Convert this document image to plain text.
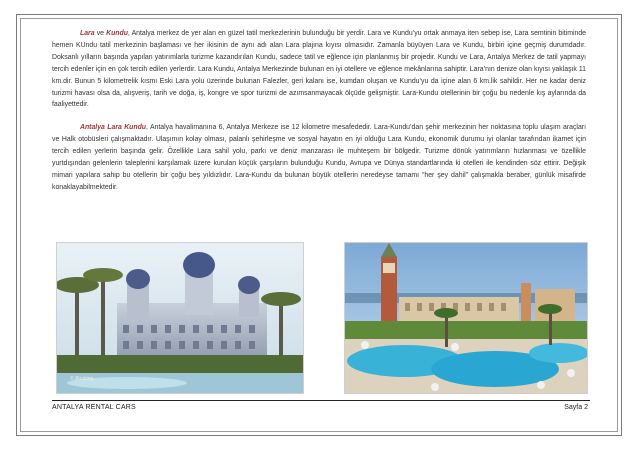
Lara ve Kundu, Antalya merkez de yer alan en güzel tatil merkezlerinin bulunduğu bir yerdir. Lara ve Kundu’yu ortak anmaya iten sebep ise, Lara semtinin bitiminde hemen KUndu tatil merkezinin başlaması ve her ikisinin de aynı adı alan Lara plajına kıyısı olmasıdır. Zamanla büyüyen Lara ve Kundu, birbiri içine geçmiş durumdadır. Doksanlı yılların başında yapılan yatırımlarla turizme kazandırılan Kundu, sadece tatil ve eğlence için planlanmış bir projedir. Kundu ve Lara, Antalya Merkez de tatil yapmayı tercih edenler için en çok tercih edilen yerlerdir. Lara Kundu, Antalya Merkezinde bulunan en iyi otellere ve eğlence mekânlarına sahiptir. Lara’nın denize olan kıyısı yaklaşık 11 km.dir. Bunun 5 kilometrelik kısmı Eski Lara yolu üzerinde bulunan Falezler, geri kalanı ise, kumdan oluşan ve Kundu’yu da içine alan 6 km.lik sahildir. Her ne kadar deniz turizmi havası olsa da, alışveriş, tarih ve doğa, iş, kongre ve spor turizmi de azımsanmayacak ölçüde gelişmiştir. Lara-Kundu otellerinin bir çoğu bu nedenle kış aylarında da faaliyettedir.

Antalya Lara Kundu, Antalya havalimanına 6, Antalya Merkeze ise 12 kilometre mesafededir. Lara-Kundu’dan şehir merkezinin her noktasına toplu ulaşım araçları ve Halk otobüsleri çalışmaktadır. Ulaşımın kolay olması, palanlı şehirleşme ve sosyal hayatın en iyi olduğu Lara Kundu, ekonomik durumu iyi olanlar tarafından ikamet için tercih edilen yerlerin başında gelir. Özellikle Lara sahil yolu, parkı ve deniz manzarası ile muhteşem bir bölgedir. Turizme dönük yatırımların hızlanması ve özellikle yurtdışından gelenlerin taleplerini karşılamak üzere kurulan küçük çarşıların bulunduğu Kundu, Avrupa ve Dünya standartlarında ki otelleri ile kendinden söz ettirir. Değişik mimari yapılara sahip bu otellerin bir çoğu beş yıldızlıdır. Lara-Kundu da bulunan büyük otellerin neredeyse tamamı “her şey dahil” çalışmakla beraber, günlük misafirde konaklayabilmektedir.

© Booking
ANTALYA RENTAL CARS	Sayfa 2
